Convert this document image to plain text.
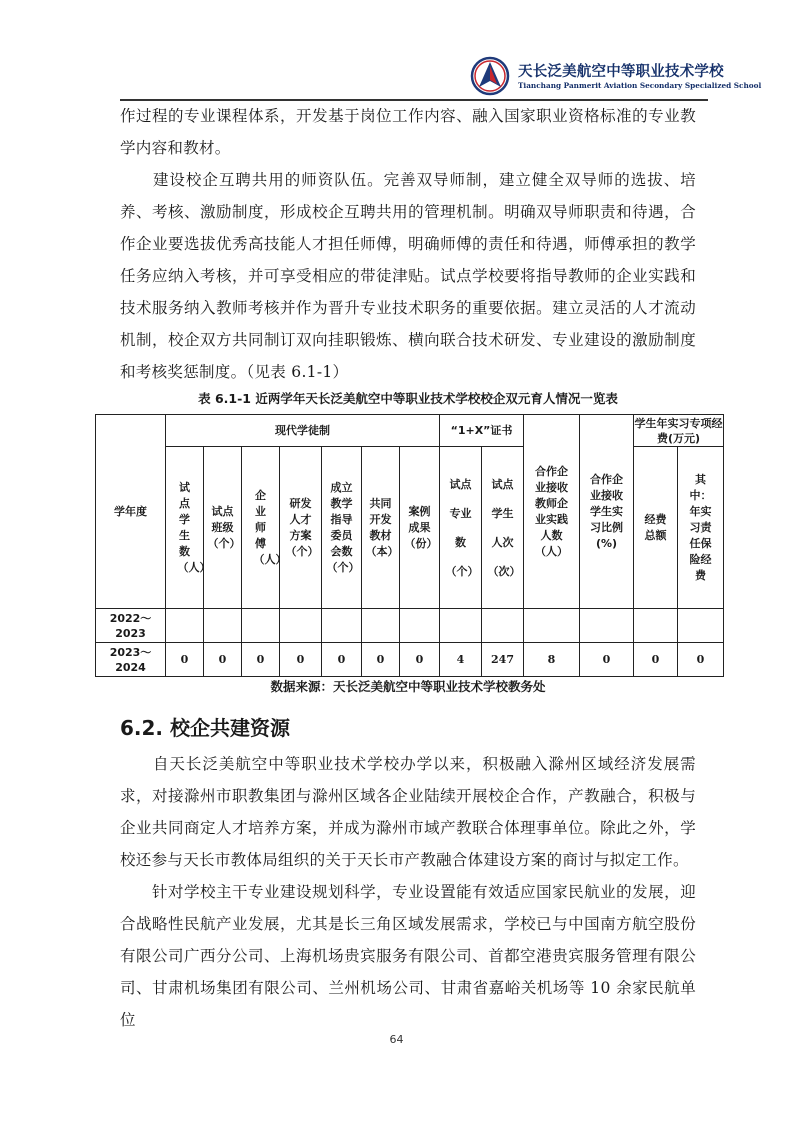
天长泛美航空中等职业技术学校
Tianchang Panmerit Aviation Secondary Specialized School
作过程的专业课程体系，开发基于岗位工作内容、融入国家职业资格标准的专业教学内容和教材。
　　建设校企互聘共用的师资队伍。完善双导师制，建立健全双导师的选拔、培养、考核、激励制度，形成校企互聘共用的管理机制。明确双导师职责和待遇，合作企业要选拔优秀高技能人才担任师傅，明确师傅的责任和待遇，师傅承担的教学任务应纳入考核，并可享受相应的带徒津贴。试点学校要将指导教师的企业实践和技术服务纳入教师考核并作为晋升专业技术职务的重要依据。建立灵活的人才流动机制，校企双方共同制订双向挂职锻炼、横向联合技术研发、专业建设的激励制度和考核奖惩制度。（见表 6.1-1）
表 6.1-1 近两学年天长泛美航空中等职业技术学校校企双元育人情况一览表
学年度	现代学徒制							“1+X”证书		合作企业接收教师企业实践人数（人）	合作企业接收学生实习比例(%)	学生年实习专项经费(万元)	
	试点学生数（人）	试点班级（个）	企业师傅（人）	研发人才方案（个）	成立教学指导委员会数（个）	共同开发教材（本）	案例成果（份）	试点专业数（个）	试点学生人次（次）			经费总额	其中：年实习责任保险经费
2022～2023													
2023～2024	0	0	0	0	0	0	0	4	247	8	0	0	0
数据来源：天长泛美航空中等职业技术学校教务处
6.2. 校企共建资源
　　自天长泛美航空中等职业技术学校办学以来，积极融入滁州区域经济发展需求，对接滁州市职教集团与滁州区域各企业陆续开展校企合作，产教融合，积极与企业共同商定人才培养方案，并成为滁州市域产教联合体理事单位。除此之外，学校还参与天长市教体局组织的关于天长市产教融合体建设方案的商讨与拟定工作。
　　针对学校主干专业建设规划科学，专业设置能有效适应国家民航业的发展，迎合战略性民航产业发展，尤其是长三角区域发展需求，学校已与中国南方航空股份有限公司广西分公司、上海机场贵宾服务有限公司、首都空港贵宾服务管理有限公司、甘肃机场集团有限公司、兰州机场公司、甘肃省嘉峪关机场等 10 余家民航单位
64
